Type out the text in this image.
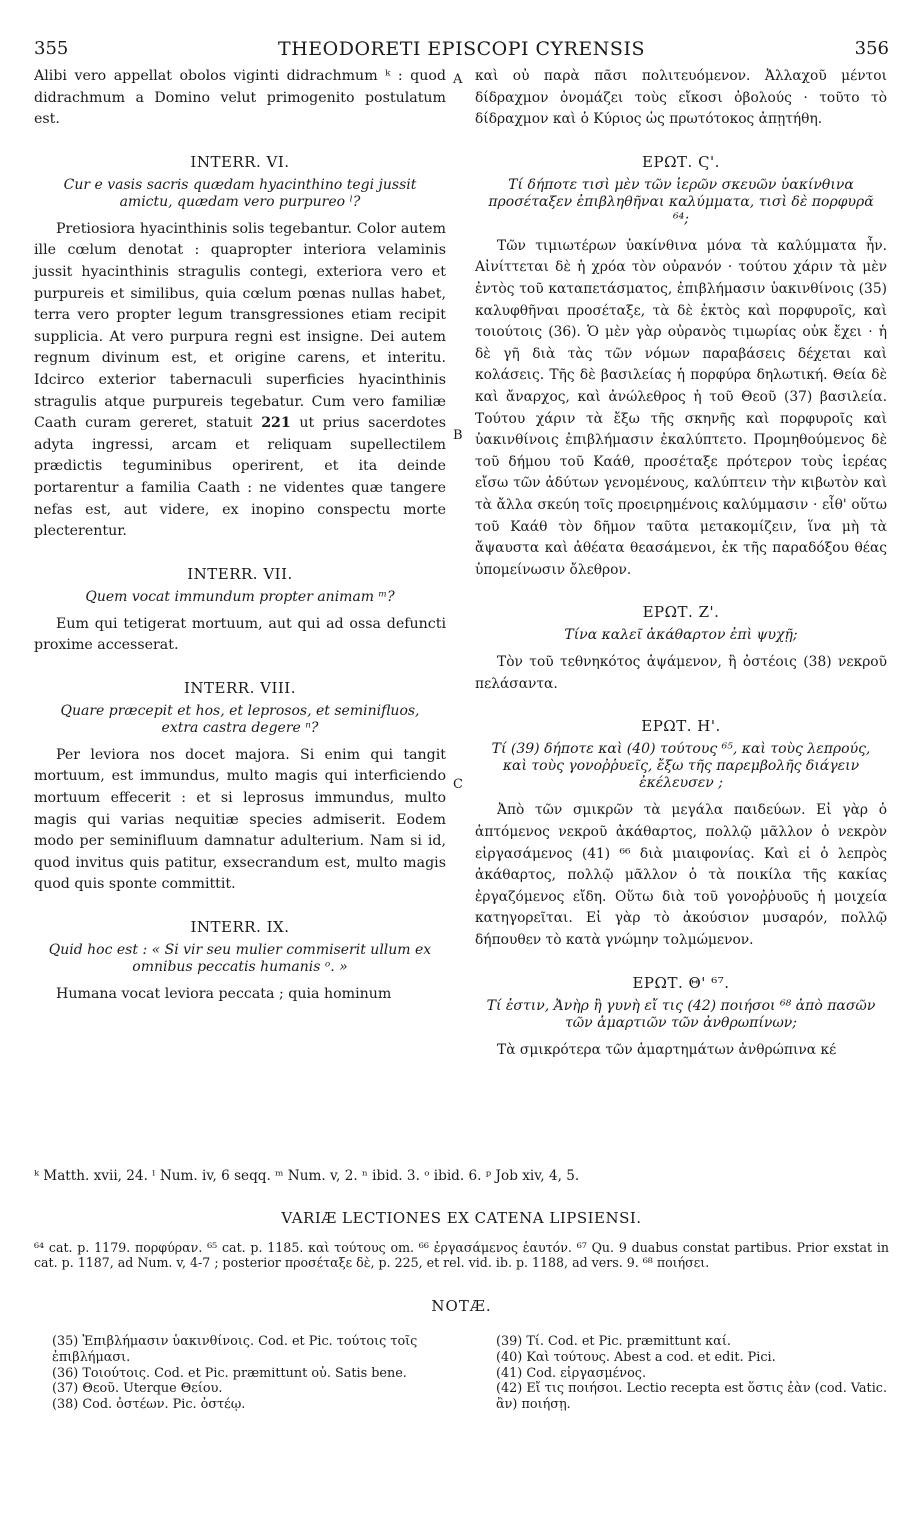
355	THEODORETI EPISCOPI CYRENSIS	356

Alibi vero appellat obolos viginti didrachmum ᵏ : quod didrachmum a Domino velut primogenito postulatum est.

INTERR. VI.
Cur e vasis sacris quædam hyacinthino tegi jussit amictu, quædam vero purpureo ˡ?

Pretiosiora hyacinthinis solis tegebantur. Color autem ille cœlum denotat : quapropter interiora velaminis jussit hyacinthinis stragulis contegi, exteriora vero et purpureis et similibus, quia cœlum pœnas nullas habet, terra vero propter legum transgressiones etiam recipit supplicia. At vero purpura regni est insigne. Dei autem regnum divinum est, et origine carens, et interitu. Idcirco exterior tabernaculi superficies hyacinthinis stragulis atque purpureis tegebatur. Cum vero familiæ Caath curam gereret, statuit 221 ut prius sacerdotes adyta ingressi, arcam et reliquam supellectilem prædictis teguminibus operirent, et ita deinde portarentur a familia Caath : ne videntes quæ tangere nefas est, aut videre, ex inopino conspectu morte plecterentur.

INTERR. VII.
Quem vocat immundum propter animam ᵐ?

Eum qui tetigerat mortuum, aut qui ad ossa defuncti proxime accesserat.

INTERR. VIII.
Quare præcepit et hos, et leprosos, et seminifluos, extra castra degere ⁿ?

Per leviora nos docet majora. Si enim qui tangit mortuum, est immundus, multo magis qui interficiendo mortuum effecerit : et si leprosus immundus, multo magis qui varias nequitiæ species admiserit. Eodem modo per seminifluum damnatur adulterium. Nam si id, quod invitus quis patitur, exsecrandum est, multo magis quod quis sponte committit.

INTERR. IX.
Quid hoc est : « Si vir seu mulier commiserit ullum ex omnibus peccatis humanis ᵒ. »

Humana vocat leviora peccata ; quia hominum

A
B
C

καὶ οὐ παρὰ πᾶσι πολιτευόμενον. Ἀλλαχοῦ μέντοι δίδραχμον ὀνομάζει τοὺς εἴκοσι ὀβολούς · τοῦτο τὸ δίδραχμον καὶ ὁ Κύριος ὡς πρωτότοκος ἀπῃτήθη.

ΕΡΩΤ. Ϛ'.
Τί δήποτε τισὶ μὲν τῶν ἱερῶν σκευῶν ὑακίνθινα προσέταξεν ἐπιβληθῆναι καλύμματα, τισὶ δὲ πορφυρᾶ ⁶⁴;

Τῶν τιμιωτέρων ὑακίνθινα μόνα τὰ καλύμματα ἦν. Αἰνίττεται δὲ ἡ χρόα τὸν οὐρανόν · τούτου χάριν τὰ μὲν ἐντὸς τοῦ καταπετάσματος, ἐπιβλήμασιν ὑακινθίνοις (35) καλυφθῆναι προσέταξε, τὰ δὲ ἐκτὸς καὶ πορφυροῖς, καὶ τοιούτοις (36). Ὁ μὲν γὰρ οὐρανὸς τιμωρίας οὐκ ἔχει · ἡ δὲ γῆ διὰ τὰς τῶν νόμων παραβάσεις δέχεται καὶ κολάσεις. Τῆς δὲ βασιλείας ἡ πορφύρα δηλωτική. Θεία δὲ καὶ ἄναρχος, καὶ ἀνώλεθρος ἡ τοῦ Θεοῦ (37) βασιλεία. Τούτου χάριν τὰ ἔξω τῆς σκηνῆς καὶ πορφυροῖς καὶ ὑακινθίνοις ἐπιβλήμασιν ἐκαλύπτετο. Προμηθούμενος δὲ τοῦ δήμου τοῦ Καάθ, προσέταξε πρότερον τοὺς ἱερέας εἴσω τῶν ἀδύτων γενομένους, καλύπτειν τὴν κιβωτὸν καὶ τὰ ἄλλα σκεύη τοῖς προειρημένοις καλύμμασιν · εἶθ' οὕτω τοῦ Καάθ τὸν δῆμον ταῦτα μετακομίζειν, ἵνα μὴ τὰ ἄψαυστα καὶ ἀθέατα θεασάμενοι, ἐκ τῆς παραδόξου θέας ὑπομείνωσιν ὄλεθρον.

ΕΡΩΤ. Ζ'.
Τίνα καλεῖ ἀκάθαρτον ἐπὶ ψυχῇ;

Τὸν τοῦ τεθνηκότος ἁψάμενον, ἢ ὀστέοις (38) νεκροῦ πελάσαντα.

ΕΡΩΤ. Η'.
Τί (39) δήποτε καὶ (40) τούτους ⁶⁵, καὶ τοὺς λεπρούς, καὶ τοὺς γονοῤῥυεῖς, ἔξω τῆς παρεμβολῆς διάγειν ἐκέλευσεν ;

Ἀπὸ τῶν σμικρῶν τὰ μεγάλα παιδεύων. Εἰ γὰρ ὁ ἁπτόμενος νεκροῦ ἀκάθαρτος, πολλῷ μᾶλλον ὁ νεκρὸν εἰργασάμενος (41) ⁶⁶ διὰ μιαιφονίας. Καὶ εἰ ὁ λεπρὸς ἀκάθαρτος, πολλῷ μᾶλλον ὁ τὰ ποικίλα τῆς κακίας ἐργαζόμενος εἴδη. Οὕτω διὰ τοῦ γονοῤῥυοῦς ἡ μοιχεία κατηγορεῖται. Εἰ γὰρ τὸ ἀκούσιον μυσαρόν, πολλῷ δήπουθεν τὸ κατὰ γνώμην τολμώμενον.

ΕΡΩΤ. Θ' ⁶⁷.
Τί ἐστιν, Ἀνὴρ ἢ γυνὴ εἴ τις (42) ποιήσοι ⁶⁸ ἀπὸ πασῶν τῶν ἁμαρτιῶν τῶν ἀνθρωπίνων;

Τὰ σμικρότερα τῶν ἁμαρτημάτων ἀνθρώπινα κέ

ᵏ Matth. xvii, 24. ˡ Num. iv, 6 seqq. ᵐ Num. v, 2. ⁿ ibid. 3. ᵒ ibid. 6. ᵖ Job xiv, 4, 5.
VARIÆ LECTIONES EX CATENA LIPSIENSI.

⁶⁴ cat. p. 1179. πορφύραν. ⁶⁵ cat. p. 1185. καὶ τούτους om. ⁶⁶ ἐργασάμενος ἑαυτόν. ⁶⁷ Qu. 9 duabus constat partibus. Prior exstat in cat. p. 1187, ad Num. v, 4-7 ; posterior προσέταξε δὲ, p. 225, et rel. vid. ib. p. 1188, ad vers. 9. ⁶⁸ ποιήσει.

NOTÆ.
(35) Ἐπιβλήμασιν ὑακινθίνοις. Cod. et Pic. τούτοις τοῖς ἐπιβλήμασι.
(36) Τοιούτοις. Cod. et Pic. præmittunt οὐ. Satis bene.
(37) Θεοῦ. Uterque Θείου.
(38) Cod. ὀστέων. Pic. ὀστέῳ.
(39) Τί. Cod. et Pic. præmittunt καί.
(40) Καὶ τούτους. Abest a cod. et edit. Pici.
(41) Cod. εἰργασμένος.
(42) Εἴ τις ποιήσοι. Lectio recepta est ὅστις ἐὰν (cod. Vatic. ἂν) ποιήσῃ.
